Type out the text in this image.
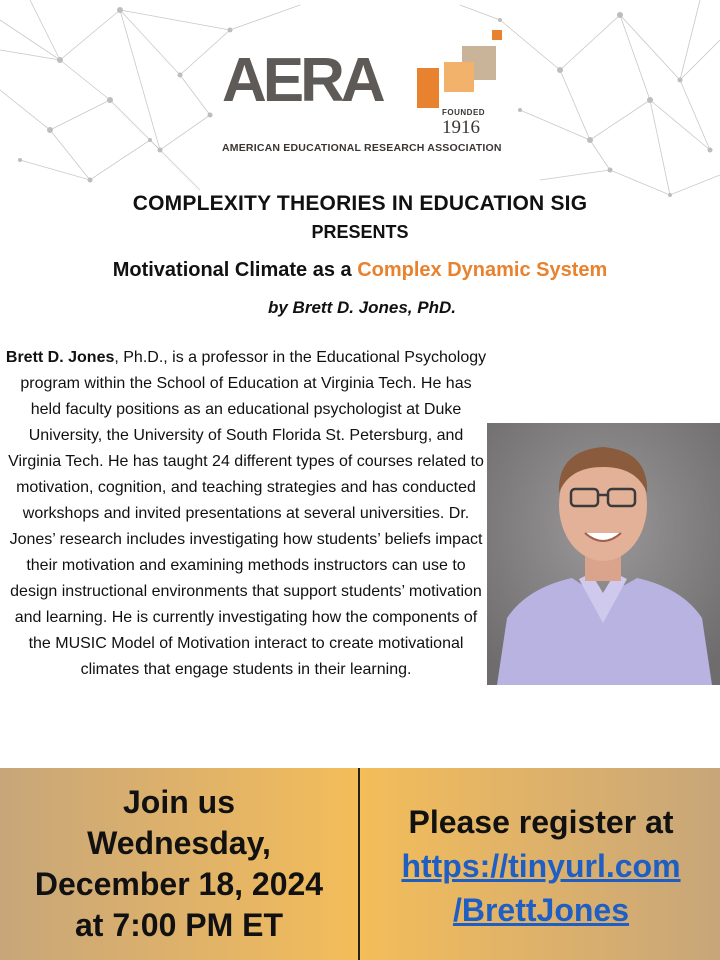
AERA	FOUNDED
1916
AMERICAN EDUCATIONAL RESEARCH ASSOCIATION
COMPLEXITY THEORIES IN EDUCATION SIG
PRESENTS
Motivational Climate as a Complex Dynamic System
by Brett D. Jones, PhD.
Brett D. Jones, Ph.D., is a professor in the Educational Psychology program within the School of Education at Virginia Tech. He has held faculty positions as an educational psychologist at Duke University, the University of South Florida St. Petersburg, and Virginia Tech. He has taught 24 different types of courses related to motivation, cognition, and teaching strategies and has conducted workshops and invited presentations at several universities. Dr. Jones’ research includes investigating how students’ beliefs impact their motivation and examining methods instructors can use to design instructional environments that support students’ motivation and learning. He is currently investigating how the components of the MUSIC Model of Motivation interact to create motivational climates that engage students in their learning.
Join us
Wednesday,
December 18, 2024
at 7:00 PM ET
Please register at
https://tinyurl.com
/BrettJones
